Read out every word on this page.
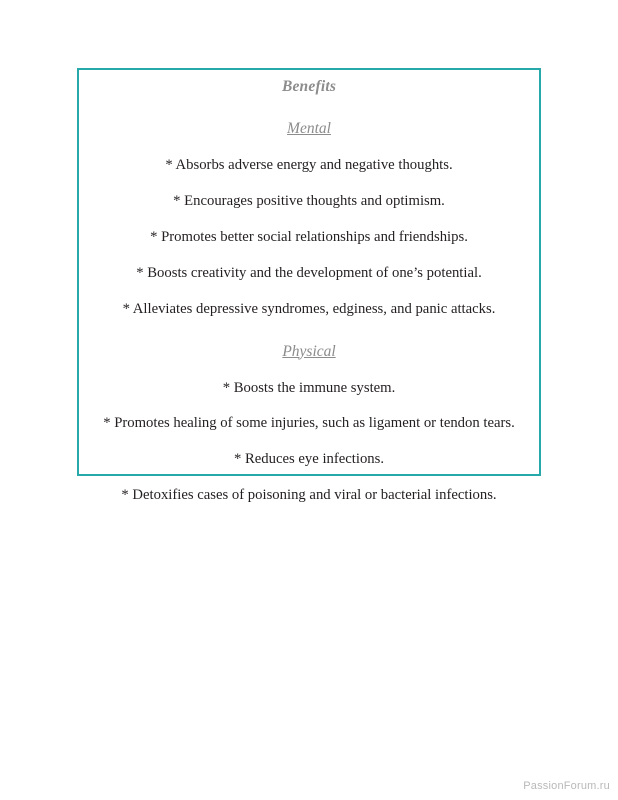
Benefits
Mental
* Absorbs adverse energy and negative thoughts.
* Encourages positive thoughts and optimism.
* Promotes better social relationships and friendships.
* Boosts creativity and the development of one’s potential.
* Alleviates depressive syndromes, edginess, and panic attacks.
Physical
* Boosts the immune system.
* Promotes healing of some injuries, such as ligament or tendon tears.
* Reduces eye infections.
* Detoxifies cases of poisoning and viral or bacterial infections.
PassionForum.ru
